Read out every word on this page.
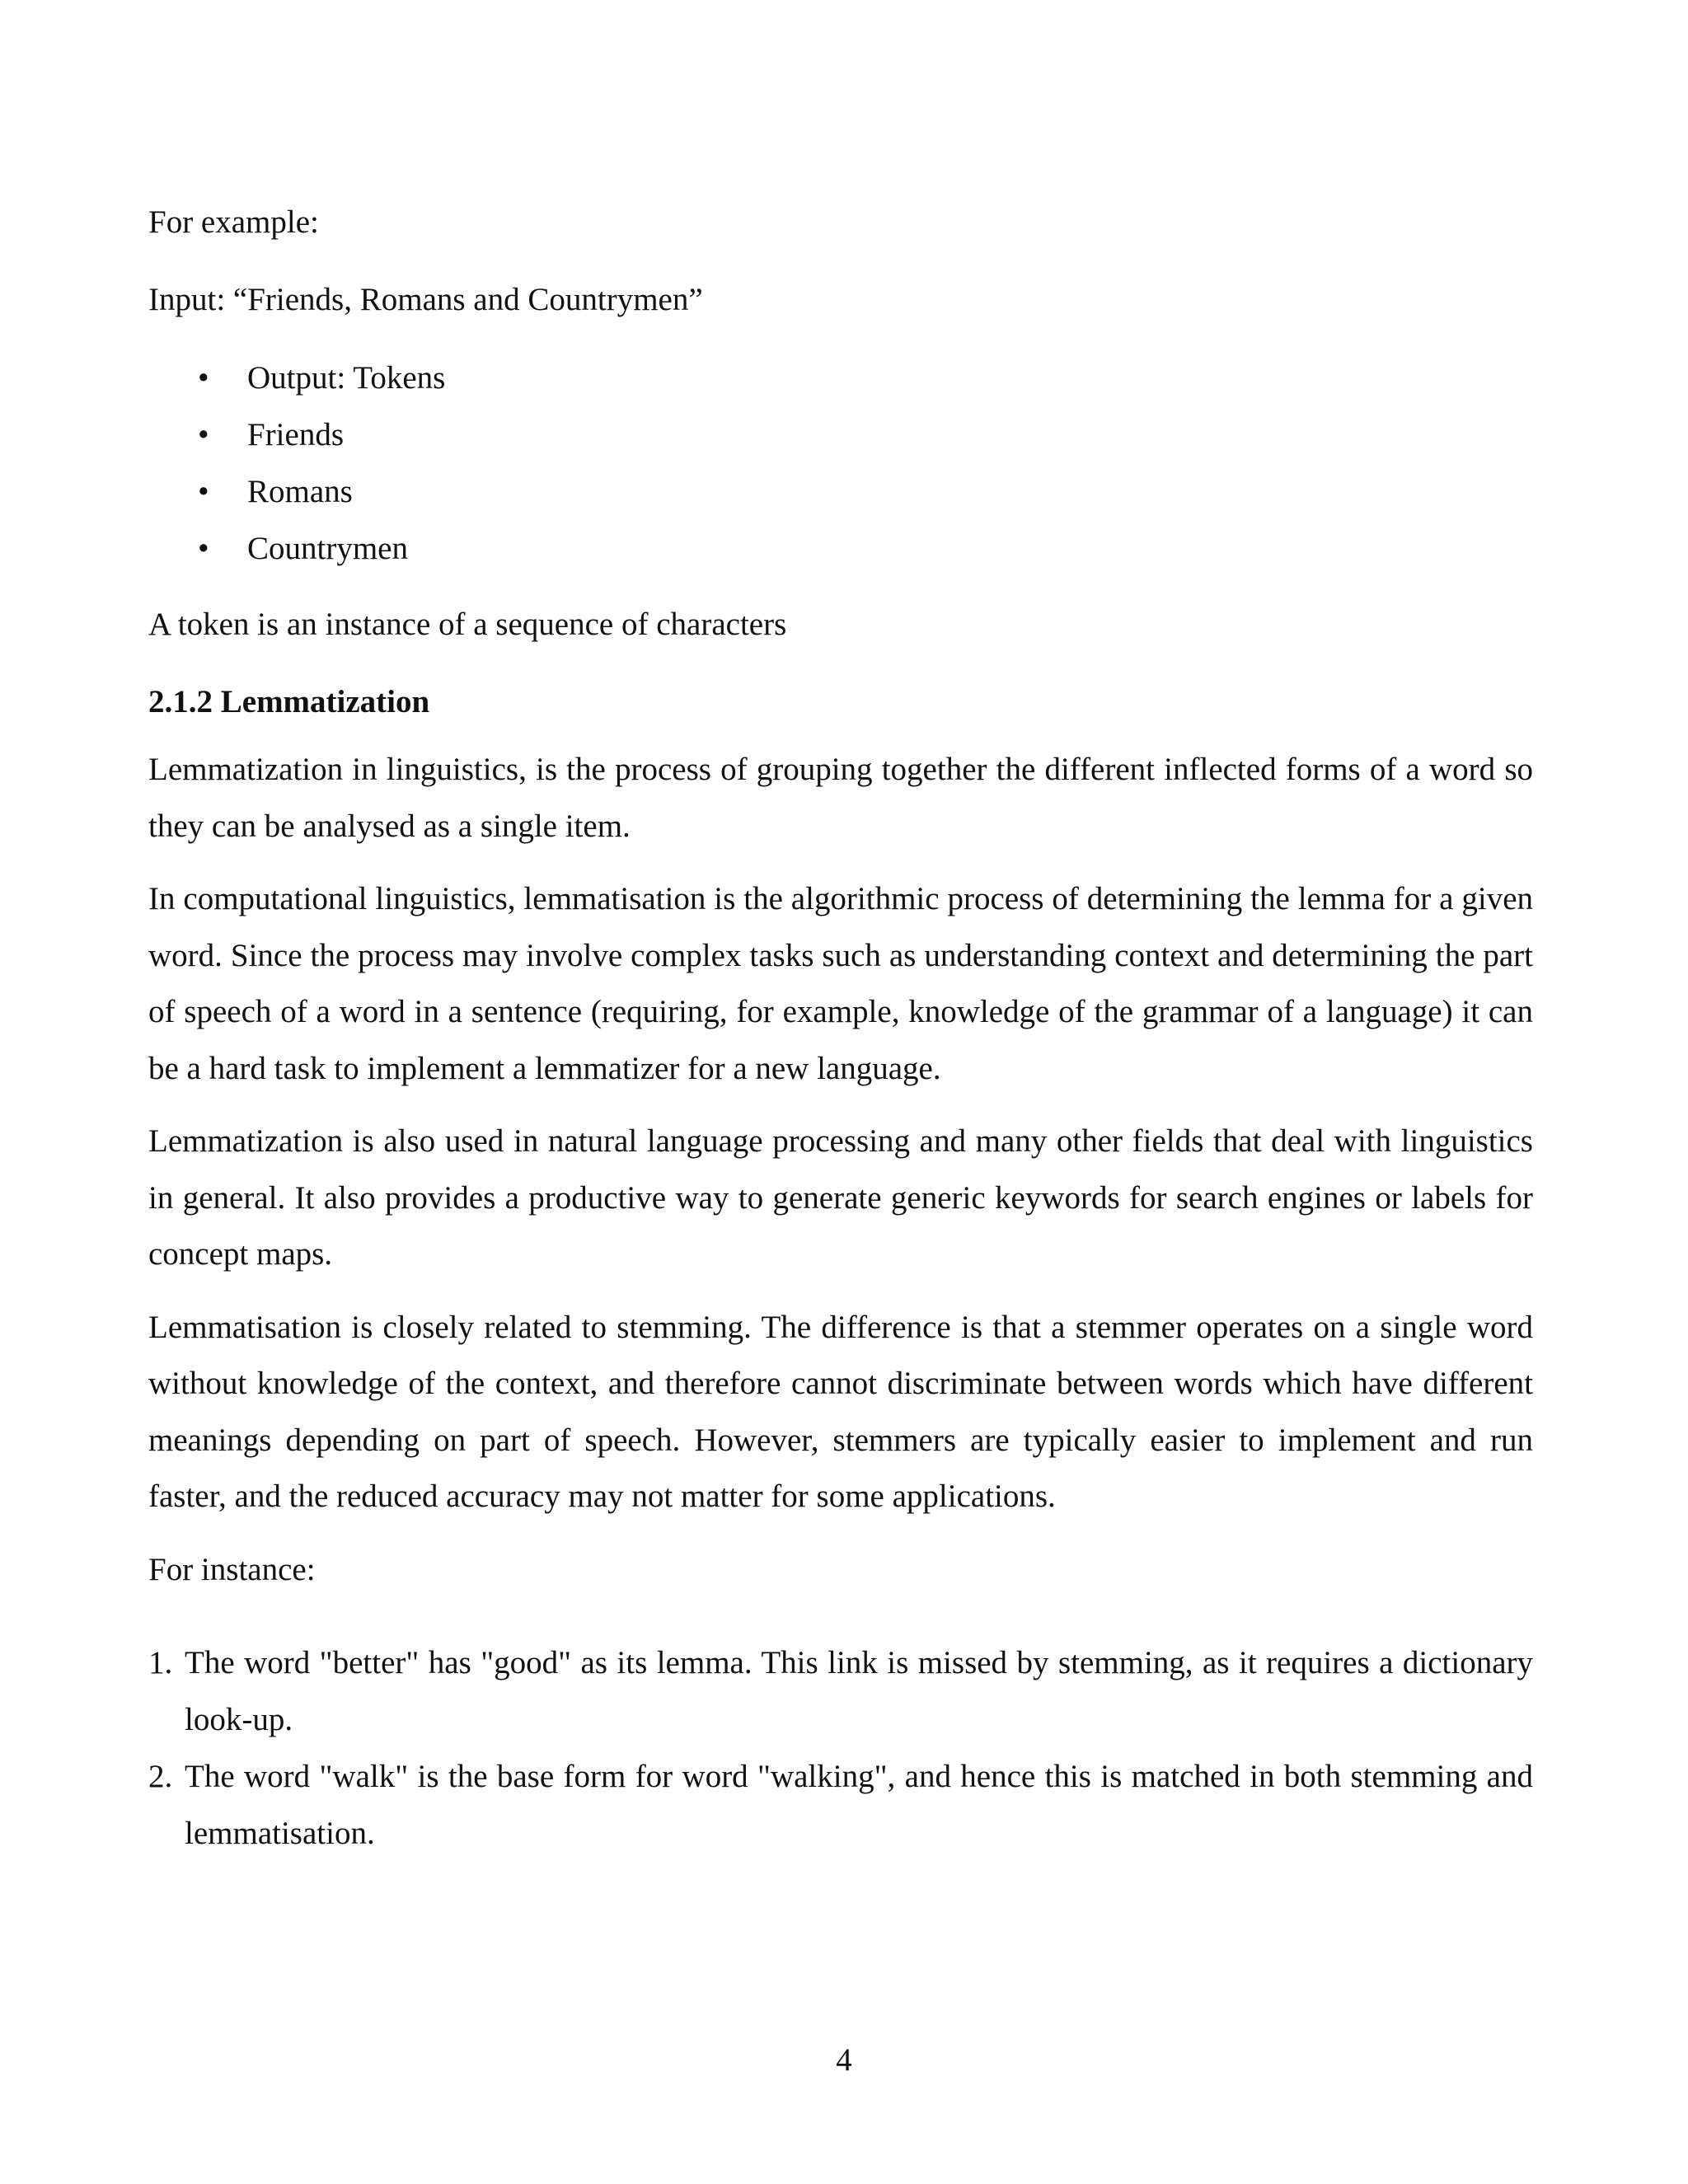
For example:

Input: “Friends, Romans and Countrymen”

• Output: Tokens
• Friends
• Romans
• Countrymen

A token is an instance of a sequence of characters

2.1.2 Lemmatization

Lemmatization in linguistics, is the process of grouping together the different inflected forms of a word so they can be analysed as a single item.

In computational linguistics, lemmatisation is the algorithmic process of determining the lemma for a given word. Since the process may involve complex tasks such as understanding context and determining the part of speech of a word in a sentence (requiring, for example, knowledge of the grammar of a language) it can be a hard task to implement a lemmatizer for a new language.

Lemmatization is also used in natural language processing and many other fields that deal with linguistics in general. It also provides a productive way to generate generic keywords for search engines or labels for concept maps.

Lemmatisation is closely related to stemming. The difference is that a stemmer operates on a single word without knowledge of the context, and therefore cannot discriminate between words which have different meanings depending on part of speech. However, stemmers are typically easier to implement and run faster, and the reduced accuracy may not matter for some applications.

For instance:

1. The word "better" has "good" as its lemma. This link is missed by stemming, as it requires a dictionary look-up.
2. The word "walk" is the base form for word "walking", and hence this is matched in both stemming and lemmatisation.
4
